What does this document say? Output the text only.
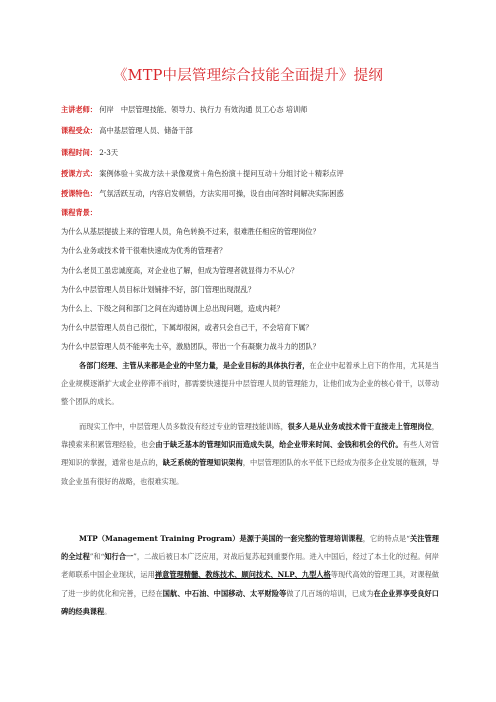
《MTP中层管理综合技能全面提升》提纲
主讲老师： 何岸　中层管理技能、领导力、执行力 有效沟通 员工心态 培训师
课程受众： 高中基层管理人员、储备干部
课程时间： 2-3天
授课方式： 案例体验＋实战方法＋录像观赏＋角色扮演＋提问互动＋分组讨论＋精彩点评
授课特色： 气氛活跃互动，内容启发顿悟，方法实用可操，设自由问答时间解决实际困惑
课程背景：
为什么从基层提拔上来的管理人员，角色转换不过来，很难胜任相应的管理岗位？
为什么业务或技术骨干很难快速成为优秀的管理者？
为什么老员工虽忠诚度高，对企业也了解，但成为管理者就显得力不从心？
为什么中层管理人员目标计划铺排不好，部门管理出现混乱？
为什么上、下级之间和部门之间在沟通协调上总出现问题，造成内耗？
为什么中层管理人员自己很忙，下属却很闲，或者只会自己干，不会培育下属？
为什么中层管理人员不能率先士卒，激励团队，带出一个有凝聚力战斗力的团队？
各部门经理、主管从来都是企业的中坚力量，是企业目标的具体执行者，在企业中起着承上启下的作用，尤其是当企业规模逐渐扩大或企业停滞不前时，都需要快速提升中层管理人员的管理能力，让他们成为企业的核心骨干，以带动整个团队的成长。
而现实工作中，中层管理人员多数没有经过专业的管理技能训练，很多人是从业务或技术骨干直接走上管理岗位，靠摸索来积累管理经验，也会由于缺乏基本的管理知识而造成失误，给企业带来时间、金钱和机会的代价。有些人对管理知识的掌握，通常也是点的，缺乏系统的管理知识架构，中层管理团队的水平低下已经成为很多企业发展的瓶颈，导致企业虽有很好的战略，也很难实现。
MTP（Management Training Program）是源于美国的一套完整的管理培训课程，它的特点是“关注管理的全过程”和“知行合一”，二战后被日本广泛应用，对战后复苏起到重要作用。进入中国后，经过了本土化的过程。何岸老师联系中国企业现状，运用禅意管理精髓、教练技术、顾问技术、NLP、九型人格等现代高效的管理工具，对课程做了进一步的优化和完善，已经在国航、中石油、中国移动、太平财险等做了几百场的培训，已成为在企业界享受良好口碑的经典课程。
